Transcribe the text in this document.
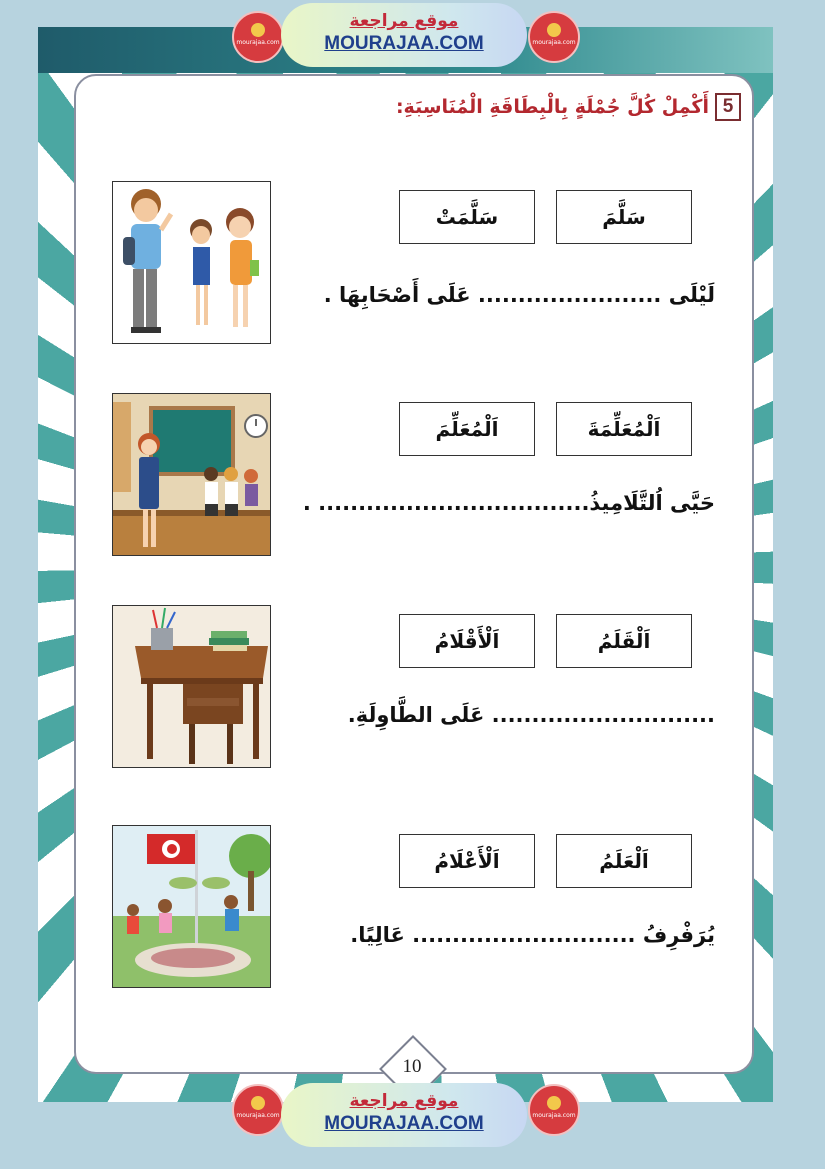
mourajaa.com
موقع مراجعة
MOURAJAA.COM	mourajaa.com
5
أَكْمِلْ كُلَّ جُمْلَةٍ بِالْبِطَاقَةِ الْمُنَاسِبَةِ:
سَلَّمَ
سَلَّمَتْ
لَيْلَى ....................... عَلَى أَصْحَابِهَا .
اَلْمُعَلِّمَةَ
اَلْمُعَلِّمَ
حَيَّى اُلتَّلَامِيذُ.................................. .
اَلْقَلَمُ
اَلْأَقْلَامُ
............................ عَلَى الطَّاوِلَةِ.
اَلْعَلَمُ
اَلْأَعْلَامُ
يُرَفْرِفُ ............................ عَالِيًا.
10
mourajaa.com
موقع مراجعة
MOURAJAA.COM	mourajaa.com
